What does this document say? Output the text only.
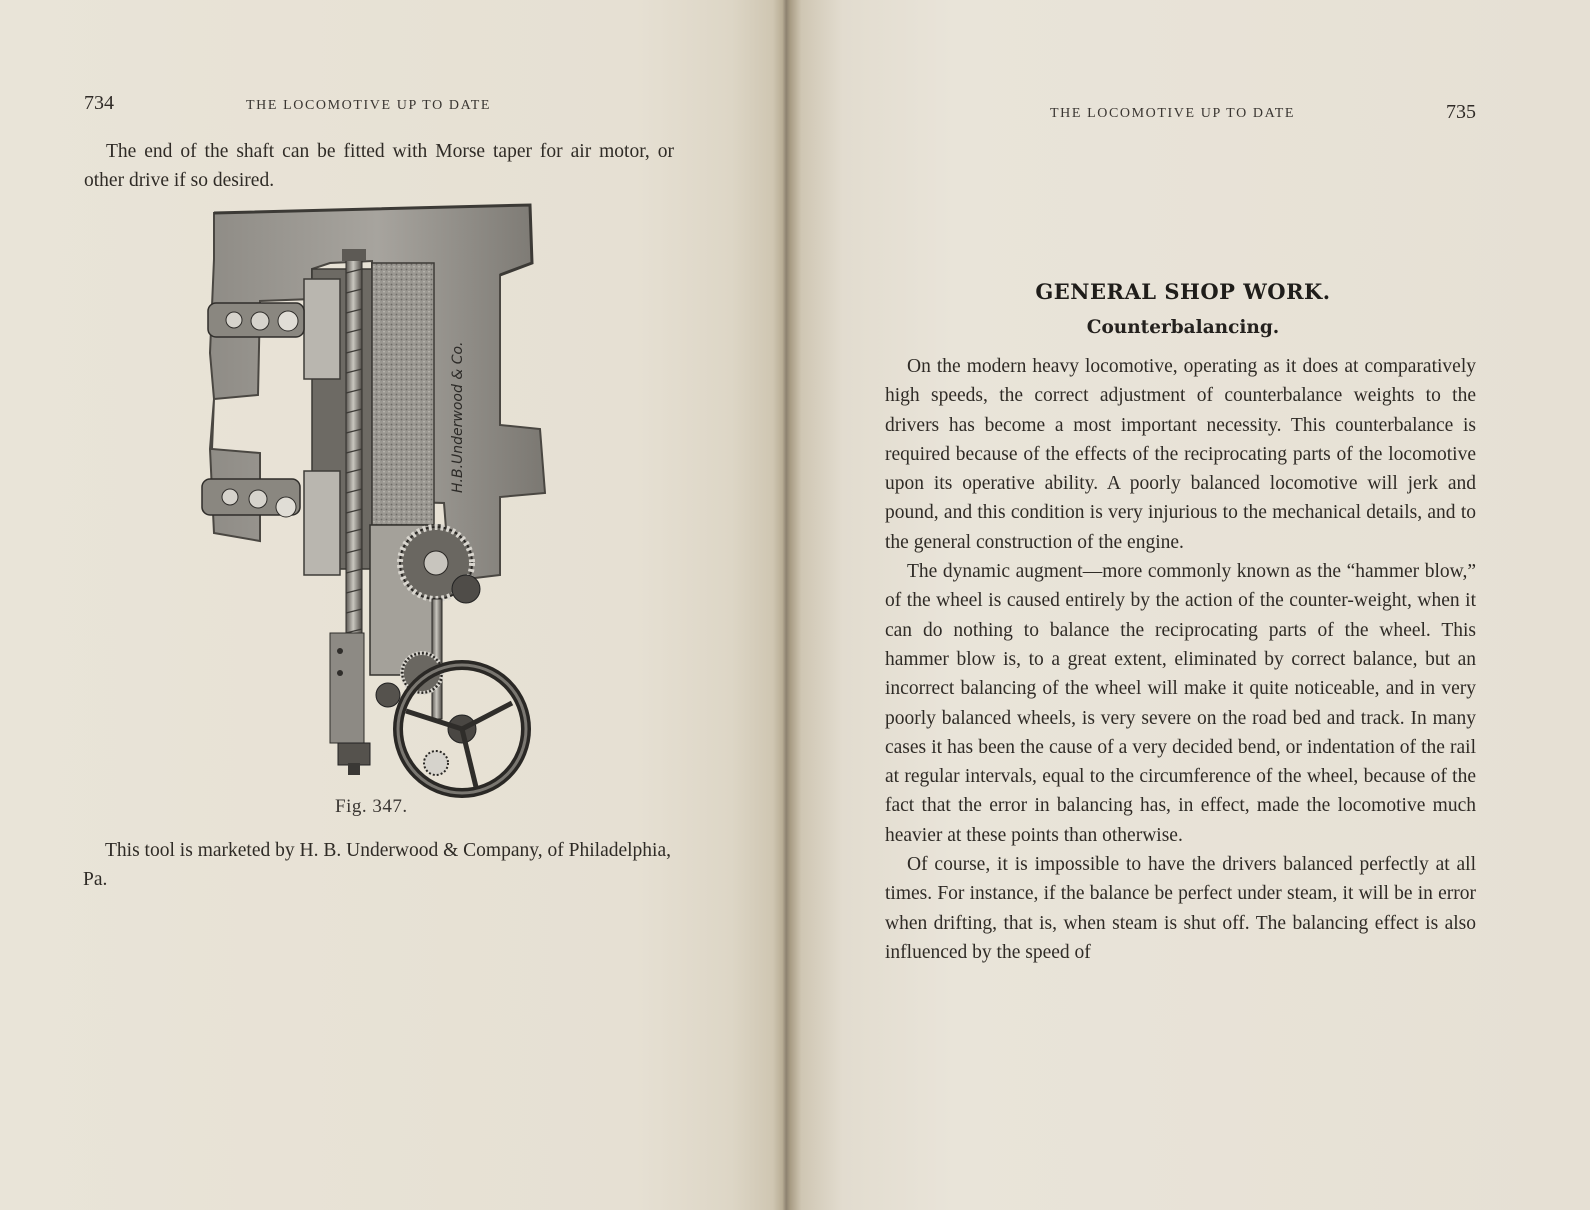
734	THE LOCOMOTIVE UP TO DATE

The end of the shaft can be fitted with Morse taper for air motor, or other drive if so desired.

H.B.Underwood & Co.
Fig. 347.

This tool is marketed by H. B. Underwood & Company, of Philadelphia, Pa.

THE LOCOMOTIVE UP TO DATE	735
GENERAL SHOP WORK.
Counterbalancing.

On the modern heavy locomotive, operating as it does at comparatively high speeds, the correct adjustment of counterbalance weights to the drivers has become a most important necessity. This counterbalance is required because of the effects of the reciprocating parts of the locomotive upon its operative ability. A poorly balanced locomotive will jerk and pound, and this condition is very injurious to the mechanical details, and to the general construction of the engine.

The dynamic augment—more commonly known as the “hammer blow,” of the wheel is caused entirely by the action of the counter-weight, when it can do nothing to balance the reciprocating parts of the wheel. This hammer blow is, to a great extent, eliminated by correct balance, but an incorrect balancing of the wheel will make it quite noticeable, and in very poorly balanced wheels, is very severe on the road bed and track. In many cases it has been the cause of a very decided bend, or indentation of the rail at regular intervals, equal to the circumference of the wheel, because of the fact that the error in balancing has, in effect, made the locomotive much heavier at these points than otherwise.

Of course, it is impossible to have the drivers balanced perfectly at all times. For instance, if the balance be perfect under steam, it will be in error when drifting, that is, when steam is shut off. The balancing effect is also influenced by the speed of
